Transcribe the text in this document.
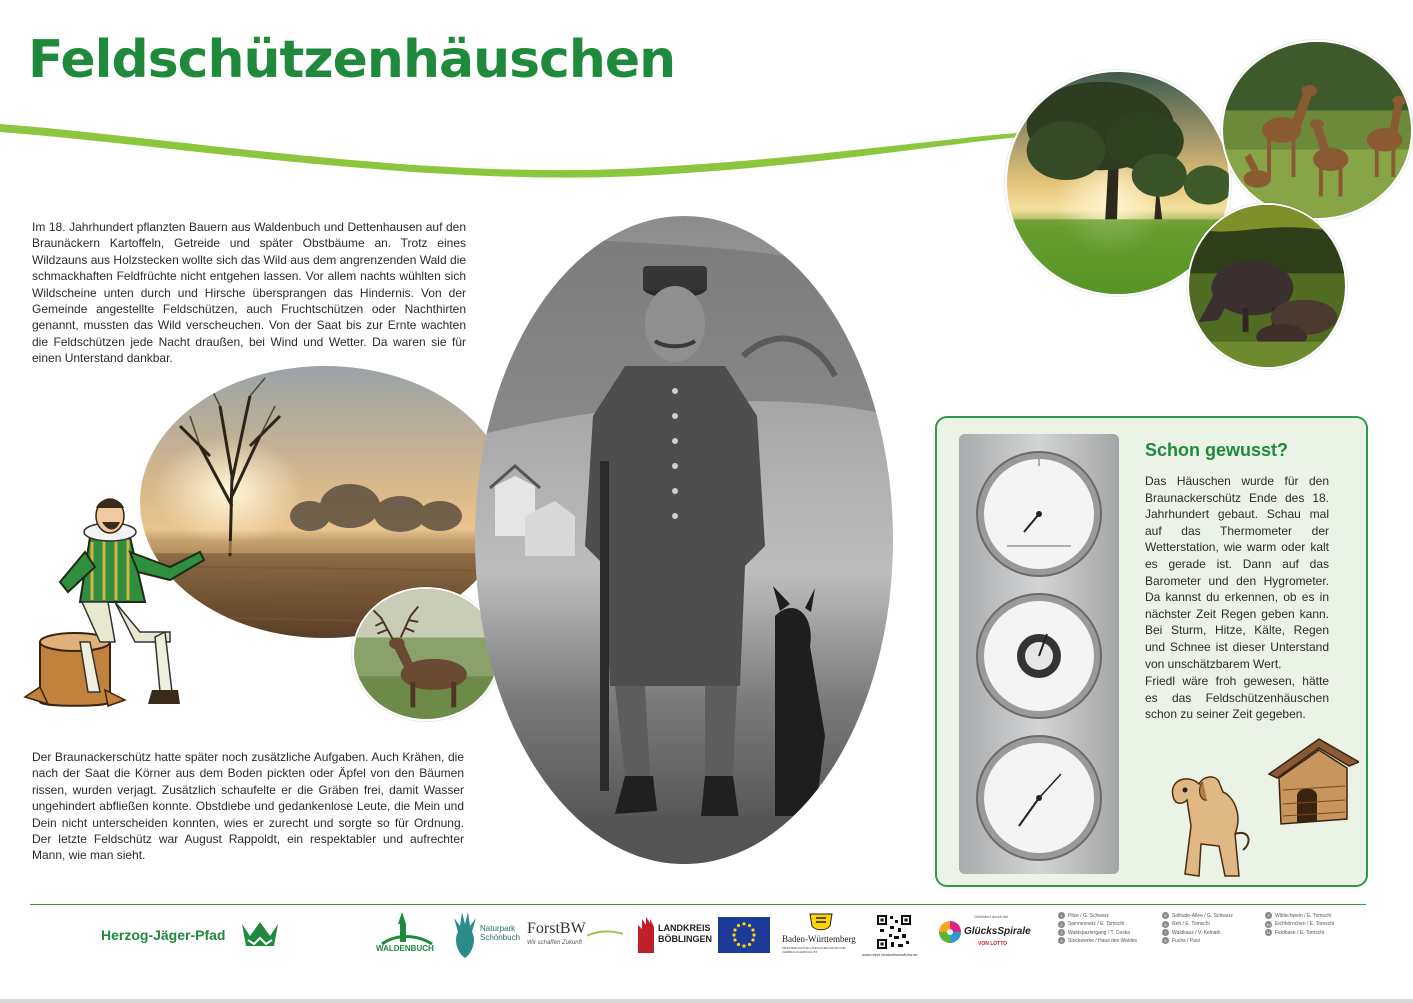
Feldschützenhäuschen

Im 18. Jahrhundert pflanzten Bauern aus Waldenbuch und Dettenhausen auf den Braunäckern Kartoffeln, Getreide und später Obstbäume an. Trotz eines Wildzauns aus Holzstecken wollte sich das Wild aus dem angrenzenden Wald die schmackhaften Feldfrüchte nicht entgehen lassen. Vor allem nachts wühlten sich Wildscheine unten durch und Hirsche übersprangen das Hindernis. Von der Gemeinde angestellte Feldschützen, auch Fruchtschützen oder Nachthirten genannt, mussten das Wild verscheuchen. Von der Saat bis zur Ernte wachten die Feldschützen jede Nacht draußen, bei Wind und Wetter. Da waren sie für einen Unterstand dankbar.

Der Braunackerschütz hatte später noch zusätzliche Aufgaben. Auch Krähen, die nach der Saat die Körner aus dem Boden pickten oder Äpfel von den Bäumen rissen, wurden verjagt. Zusätzlich schaufelte er die Gräben frei, damit Wasser ungehindert abfließen konnte. Obstdiebe und gedankenlose Leute, die Mein und Dein nicht unterscheiden konnten, wies er zurecht und sorgte so für Ordnung. Der letzte Feldschütz war August Rappoldt, ein respektabler und aufrechter Mann, wie man sieht.

Schon gewusst?

Das Häuschen wurde für den Braunackerschütz Ende des 18. Jahrhundert gebaut. Schau mal auf das Thermometer der Wetterstation, wie warm oder kalt es gerade ist. Dann auf das Barometer und den Hygrometer. Da kannst du erkennen, ob es in nächster Zeit Regen geben kann. Bei Sturm, Hitze, Kälte, Regen und Schnee ist dieser Unterstand von unschätzbarem Wert.

Friedl wäre froh gewesen, hätte es das Feldschützenhäuschen schon zu seiner Zeit gegeben.

Herzog-Jäger-Pfad
WALDENBUCH
Naturpark
Schönbuch
ForstBW
Wir schaffen Zukunft
LANDKREIS
BÖBLINGEN	Baden-Württemberg
MINISTERIUM FÜR LÄNDLICHEN RAUM UND VERBRAUCHERSCHUTZ	www.mepl.landwirtschaft-bw.de
Gefördert durch die
GlücksSpirale
VON LOTTO
1 Pilze / G. Schwarz
2 Spinnennetz / E. Tomschi
3 Waldspaziergang / T. Ceska
4 Stockwerke / Haus des Waldes
5 Solitude-Allee / G. Schwarz
6 Reh / E. Tomschi
7 Waldkauz / V. Kelnath
8 Fuchs / Paul
9 Wildschwein / E. Tomschi
10 Eichhörnchen / E. Tomschi
11 Feldhase / E. Tomschi
